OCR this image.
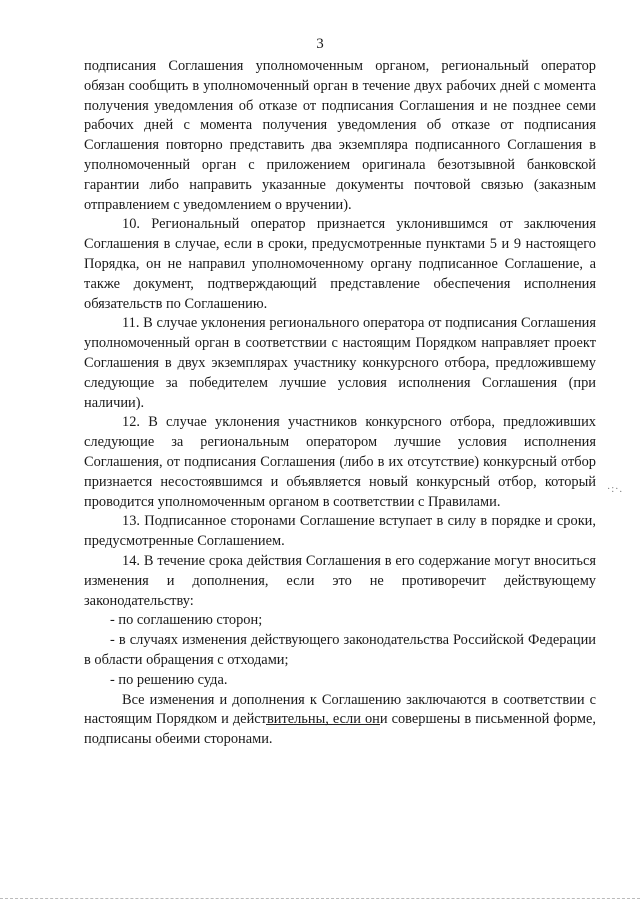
3

подписания Соглашения уполномоченным органом, региональный оператор обязан сообщить в уполномоченный орган в течение двух рабочих дней с момента получения уведомления об отказе от подписания Соглашения и не позднее семи рабочих дней с момента получения уведомления об отказе от подписания Соглашения повторно представить два экземпляра подписанного Соглашения в уполномоченный орган с приложением оригинала безотзывной банковской гарантии либо направить указанные документы почтовой связью (заказным отправлением с уведомлением о вручении).

10. Региональный оператор признается уклонившимся от заключения Соглашения в случае, если в сроки, предусмотренные пунктами 5 и 9 настоящего Порядка, он не направил уполномоченному органу подписанное Соглашение, а также документ, подтверждающий представление обеспечения исполнения обязательств по Соглашению.

11. В случае уклонения регионального оператора от подписания Соглашения уполномоченный орган в соответствии с настоящим Порядком направляет проект Соглашения в двух экземплярах участнику конкурсного отбора, предложившему следующие за победителем лучшие условия исполнения Соглашения (при наличии).

12. В случае уклонения участников конкурсного отбора, предложивших следующие за региональным оператором лучшие условия исполнения Соглашения, от подписания Соглашения (либо в их отсутствие) конкурсный отбор признается несостоявшимся и объявляется новый конкурсный отбор, который проводится уполномоченным органом в соответствии с Правилами.

13. Подписанное сторонами Соглашение вступает в силу в порядке и сроки, предусмотренные Соглашением.

14. В течение срока действия Соглашения в его содержание могут вноситься изменения и дополнения, если это не противоречит действующему законодательству:

- по соглашению сторон;

- в случаях изменения действующего законодательства Российской Федерации в области обращения с отходами;

- по решению суда.

Все изменения и дополнения к Соглашению заключаются в соответствии с настоящим Порядком и действительны, если они совершены в письменной форме, подписаны обеими сторонами.

·:·.
